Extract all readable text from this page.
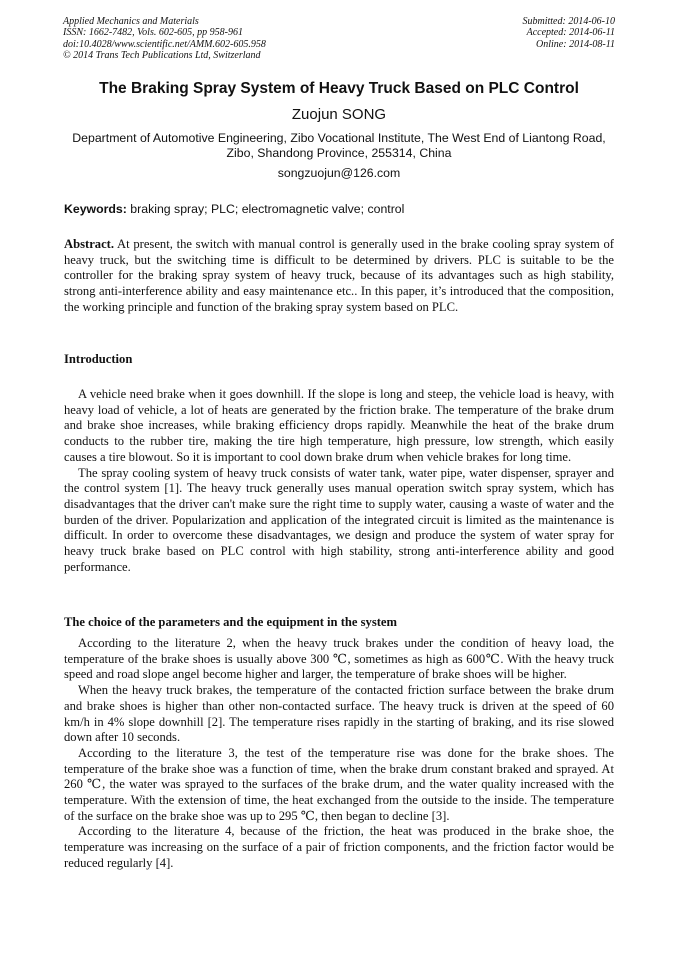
Applied Mechanics and Materials
ISSN: 1662-7482, Vols. 602-605, pp 958-961
doi:10.4028/www.scientific.net/AMM.602-605.958
© 2014 Trans Tech Publications Ltd, Switzerland
Submitted: 2014-06-10
Accepted: 2014-06-11
Online: 2014-08-11
The Braking Spray System of Heavy Truck Based on PLC Control
Zuojun SONG
Department of Automotive Engineering, Zibo Vocational Institute, The West End of Liantong Road, Zibo, Shandong Province, 255314, China
songzuojun@126.com
Keywords: braking spray; PLC; electromagnetic valve; control
Abstract. At present, the switch with manual control is generally used in the brake cooling spray system of heavy truck, but the switching time is difficult to be determined by drivers. PLC is suitable to be the controller for the braking spray system of heavy truck, because of its advantages such as high stability, strong anti-interference ability and easy maintenance etc.. In this paper, it’s introduced that the composition, the working principle and function of the braking spray system based on PLC.
Introduction

A vehicle need brake when it goes downhill. If the slope is long and steep, the vehicle load is heavy, with heavy load of vehicle, a lot of heats are generated by the friction brake. The temperature of the brake drum and brake shoe increases, while braking efficiency drops rapidly. Meanwhile the heat of the brake drum conducts to the rubber tire, making the tire high temperature, high pressure, low strength, which easily causes a tire blowout. So it is important to cool down brake drum when vehicle brakes for long time.

The spray cooling system of heavy truck consists of water tank, water pipe, water dispenser, sprayer and the control system [1]. The heavy truck generally uses manual operation switch spray system, which has disadvantages that the driver can't make sure the right time to supply water, causing a waste of water and the burden of the driver. Popularization and application of the integrated circuit is limited as the maintenance is difficult. In order to overcome these disadvantages, we design and produce the system of water spray for heavy truck brake based on PLC control with high stability, strong anti-interference ability and good performance.

The choice of the parameters and the equipment in the system

According to the literature 2, when the heavy truck brakes under the condition of heavy load, the temperature of the brake shoes is usually above 300 ℃, sometimes as high as 600℃. With the heavy truck speed and road slope angel become higher and larger, the temperature of brake shoes will be higher.

When the heavy truck brakes, the temperature of the contacted friction surface between the brake drum and brake shoes is higher than other non-contacted surface. The heavy truck is driven at the speed of 60 km/h in 4% slope downhill [2]. The temperature rises rapidly in the starting of braking, and its rise slowed down after 10 seconds.

According to the literature 3, the test of the temperature rise was done for the brake shoes. The temperature of the brake shoe was a function of time, when the brake drum constant braked and sprayed. At 260 ℃, the water was sprayed to the surfaces of the brake drum, and the water quality increased with the temperature. With the extension of time, the heat exchanged from the outside to the inside. The temperature of the surface on the brake shoe was up to 295 ℃, then began to decline [3].

According to the literature 4, because of the friction, the heat was produced in the brake shoe, the temperature was increasing on the surface of a pair of friction components, and the friction factor would be reduced regularly [4].
